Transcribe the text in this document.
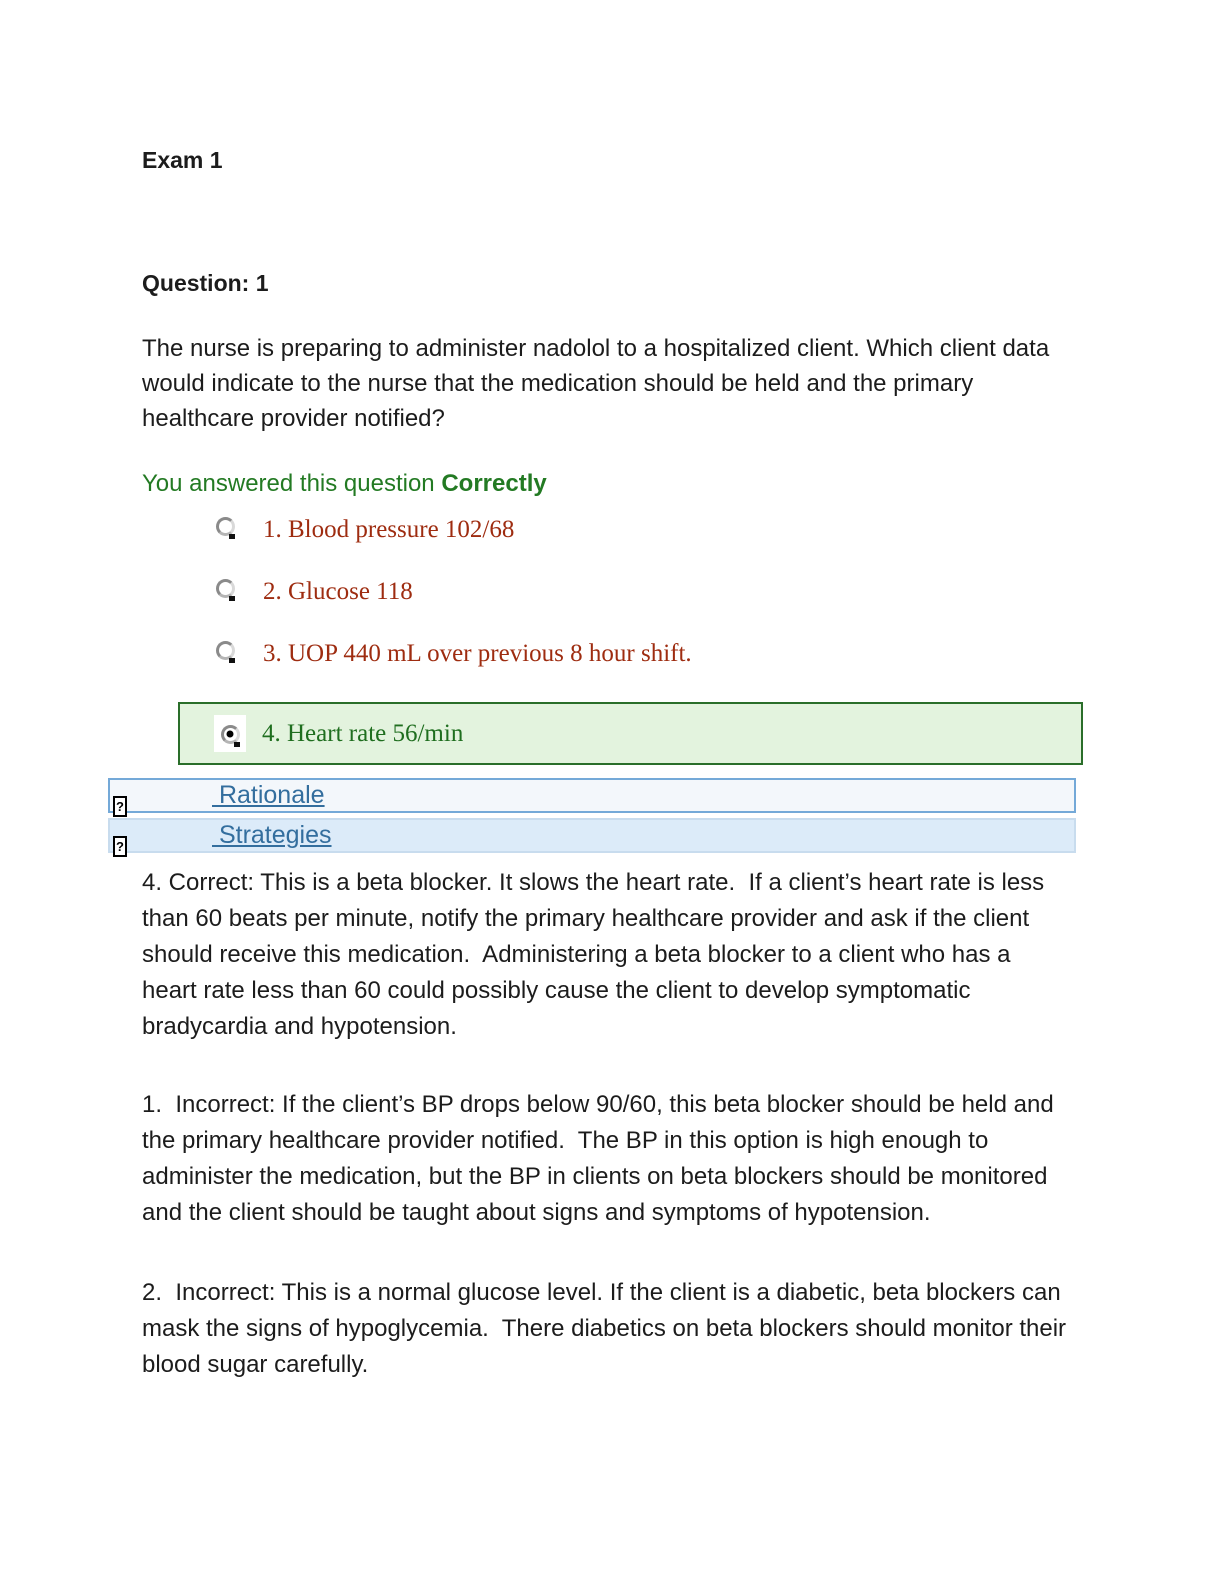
Exam 1
Question: 1

The nurse is preparing to administer nadolol to a hospitalized client. Which client data would indicate to the nurse that the medication should be held and the primary healthcare provider notified?

You answered this question Correctly

1. Blood pressure 102/68
2. Glucose 118
3. UOP 440 mL over previous 8 hour shift.
4. Heart rate 56/min
?	Rationale
?	Strategies

4. Correct: This is a beta blocker. It slows the heart rate.  If a client’s heart rate is less than 60 beats per minute, notify the primary healthcare provider and ask if the client should receive this medication.  Administering a beta blocker to a client who has a heart rate less than 60 could possibly cause the client to develop symptomatic bradycardia and hypotension.

1.  Incorrect: If the client’s BP drops below 90/60, this beta blocker should be held and the primary healthcare provider notified.  The BP in this option is high enough to administer the medication, but the BP in clients on beta blockers should be monitored and the client should be taught about signs and symptoms of hypotension.

2.  Incorrect: This is a normal glucose level. If the client is a diabetic, beta blockers can mask the signs of hypoglycemia.  There diabetics on beta blockers should monitor their blood sugar carefully.
